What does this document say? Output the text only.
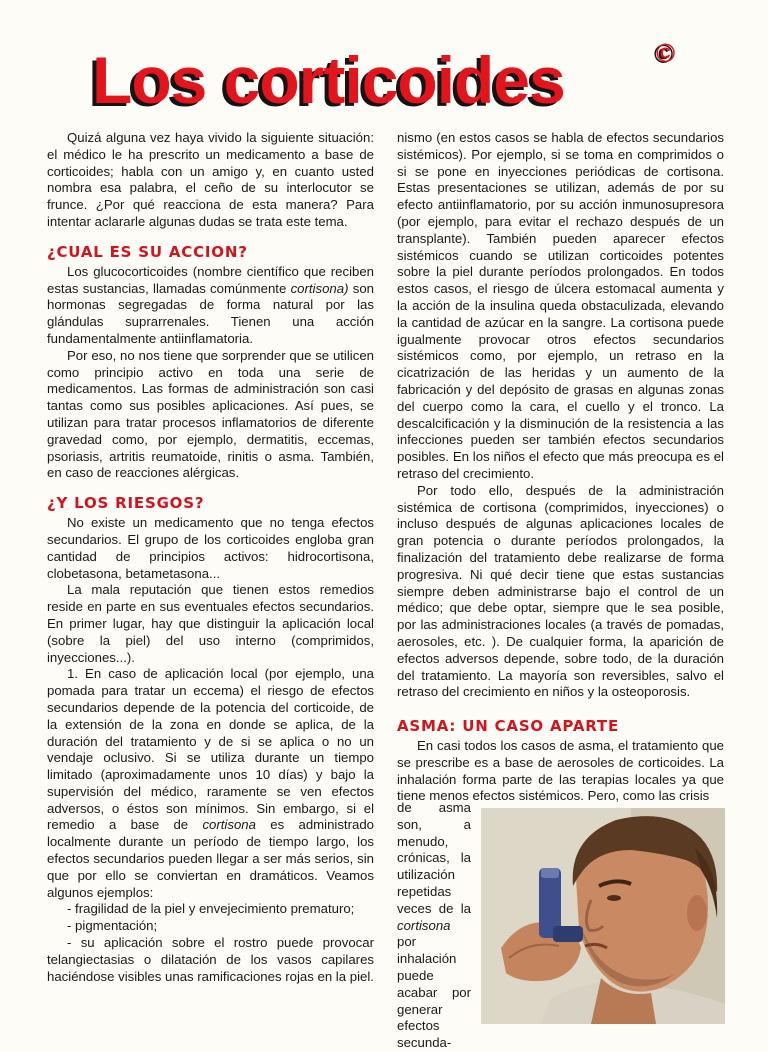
Los corticoides	©

Quizá alguna vez haya vivido la siguiente situación: el médico le ha prescrito un medicamento a base de corticoides; habla con un amigo y, en cuanto usted nombra esa palabra, el ceño de su interlocutor se frunce. ¿Por qué reacciona de esta manera? Para intentar aclararle algunas dudas se trata este tema.

¿CUAL ES SU ACCION?

Los glucocorticoides (nombre científico que reciben estas sustancias, llamadas comúnmente cortisona) son hormonas segregadas de forma natural por las glándulas suprarrenales. Tienen una acción fundamentalmente antiinflamatoria.

Por eso, no nos tiene que sorprender que se utilicen como principio activo en toda una serie de medicamentos. Las formas de administración son casi tantas como sus posibles aplicaciones. Así pues, se utilizan para tratar procesos inflamatorios de diferente gravedad como, por ejemplo, dermatitis, eccemas, psoriasis, artritis reumatoide, rinitis o asma. También, en caso de reacciones alérgicas.

¿Y LOS RIESGOS?

No existe un medicamento que no tenga efectos secundarios. El grupo de los corticoides engloba gran cantidad de principios activos: hidrocortisona, clobetasona, betametasona...

La mala reputación que tienen estos remedios reside en parte en sus eventuales efectos secundarios. En primer lugar, hay que distinguir la aplicación local (sobre la piel) del uso interno (comprimidos, inyecciones...).

1. En caso de aplicación local (por ejemplo, una pomada para tratar un eccema) el riesgo de efectos secundarios depende de la potencia del corticoide, de la extensión de la zona en donde se aplica, de la duración del tratamiento y de si se aplica o no un vendaje oclusivo. Si se utiliza durante un tiempo limitado (aproximadamente unos 10 días) y bajo la supervisión del médico, raramente se ven efectos adversos, o éstos son mínimos. Sin embargo, si el remedio a base de cortisona es administrado localmente durante un período de tiempo largo, los efectos secundarios pueden llegar a ser más serios, sin que por ello se conviertan en dramáticos. Veamos algunos ejemplos:

- fragilidad de la piel y envejecimiento prematuro;

- pigmentación;

- su aplicación sobre el rostro puede provocar telangiectasias o dilatación de los vasos capilares haciéndose visibles unas ramificaciones rojas en la piel.

nismo (en estos casos se habla de efectos secundarios sistémicos). Por ejemplo, si se toma en comprimidos o si se pone en inyecciones periódicas de cortisona. Estas presentaciones se utilizan, además de por su efecto antiinflamatorio, por su acción inmunosupresora (por ejemplo, para evitar el rechazo después de un transplante). También pueden aparecer efectos sistémicos cuando se utilizan corticoides potentes sobre la piel durante períodos prolongados. En todos estos casos, el riesgo de úlcera estomacal aumenta y la acción de la insulina queda obstaculizada, elevando la cantidad de azúcar en la sangre. La cortisona puede igualmente provocar otros efectos secundarios sistémicos como, por ejemplo, un retraso en la cicatrización de las heridas y un aumento de la fabricación y del depósito de grasas en algunas zonas del cuerpo como la cara, el cuello y el tronco. La descalcificación y la disminución de la resistencia a las infecciones pueden ser también efectos secundarios posibles. En los niños el efecto que más preocupa es el retraso del crecimiento.

Por todo ello, después de la administración sistémica de cortisona (comprimidos, inyecciones) o incluso después de algunas aplicaciones locales de gran potencia o durante períodos prolongados, la finalización del tratamiento debe realizarse de forma progresiva. Ni qué decir tiene que estas sustancias siempre deben administrarse bajo el control de un médico; que debe optar, siempre que le sea posible, por las administraciones locales (a través de pomadas, aerosoles, etc. ). De cualquier forma, la aparición de efectos adversos depende, sobre todo, de la duración del tratamiento. La mayoría son reversibles, salvo el retraso del crecimiento en niños y la osteoporosis.

ASMA: UN CASO APARTE

En casi todos los casos de asma, el tratamiento que se prescribe es a base de aerosoles de corticoides. La inhalación forma parte de las terapias locales ya que tiene menos efectos sistémicos. Pero, como las crisis

de asma son, a menudo, crónicas, la utilización repetidas veces de la cortisona por inhalación puede acabar por generar efectos secunda-
